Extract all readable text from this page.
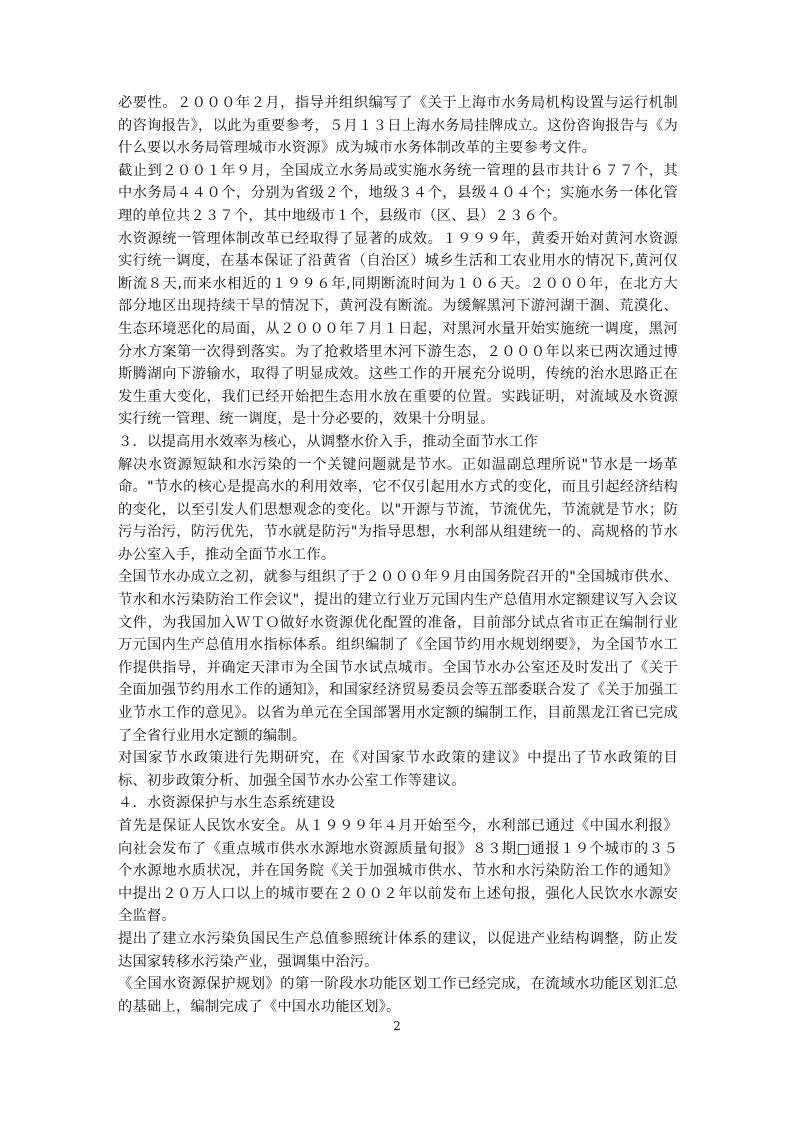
必要性。２０００年２月，指导并组织编写了《关于上海市水务局机构设置与运行机制的咨询报告》，以此为重要参考，５月１３日上海水务局挂牌成立。这份咨询报告与《为什么要以水务局管理城市水资源》成为城市水务体制改革的主要参考文件。

截止到２００１年９月，全国成立水务局或实施水务统一管理的县市共计６７７个，其中水务局４４０个，分别为省级２个，地级３４个，县级４０４个；实施水务一体化管理的单位共２３７个，其中地级市１个，县级市（区、县）２３６个。

水资源统一管理体制改革已经取得了显著的成效。１９９９年，黄委开始对黄河水资源实行统一调度，在基本保证了沿黄省（自治区）城乡生活和工农业用水的情况下,黄河仅断流８天,而来水相近的１９９６年,同期断流时间为１０６天。２０００年，在北方大部分地区出现持续干旱的情况下，黄河没有断流。为缓解黑河下游河湖干涸、荒漠化、生态环境恶化的局面，从２０００年７月１日起，对黑河水量开始实施统一调度，黑河分水方案第一次得到落实。为了抢救塔里木河下游生态，２０００年以来已两次通过博斯腾湖向下游输水，取得了明显成效。这些工作的开展充分说明，传统的治水思路正在发生重大变化，我们已经开始把生态用水放在重要的位置。实践证明，对流域及水资源实行统一管理、统一调度，是十分必要的，效果十分明显。

３．以提高用水效率为核心，从调整水价入手，推动全面节水工作

解决水资源短缺和水污染的一个关键问题就是节水。正如温副总理所说"节水是一场革命。"节水的核心是提高水的利用效率，它不仅引起用水方式的变化，而且引起经济结构的变化，以至引发人们思想观念的变化。以"开源与节流，节流优先，节流就是节水；防污与治污，防污优先，节水就是防污"为指导思想，水利部从组建统一的、高规格的节水办公室入手，推动全面节水工作。

全国节水办成立之初，就参与组织了于２０００年９月由国务院召开的"全国城市供水、节水和水污染防治工作会议"，提出的建立行业万元国内生产总值用水定额建议写入会议文件，为我国加入ＷＴＯ做好水资源优化配置的准备，目前部分试点省市正在编制行业万元国内生产总值用水指标体系。组织编制了《全国节约用水规划纲要》，为全国节水工作提供指导，并确定天津市为全国节水试点城市。全国节水办公室还及时发出了《关于全面加强节约用水工作的通知》，和国家经济贸易委员会等五部委联合发了《关于加强工业节水工作的意见》。以省为单元在全国部署用水定额的编制工作，目前黑龙江省已完成了全省行业用水定额的编制。

对国家节水政策进行先期研究，在《对国家节水政策的建议》中提出了节水政策的目标、初步政策分析、加强全国节水办公室工作等建议。

４．水资源保护与水生态系统建设

首先是保证人民饮水安全。从１９９９年４月开始至今，水利部已通过《中国水利报》向社会发布了《重点城市供水水源地水资源质量旬报》８３期□通报１９个城市的３５个水源地水质状况，并在国务院《关于加强城市供水、节水和水污染防治工作的通知》中提出２０万人口以上的城市要在２００２年以前发布上述旬报，强化人民饮水水源安全监督。

提出了建立水污染负国民生产总值参照统计体系的建议，以促进产业结构调整，防止发达国家转移水污染产业，强调集中治污。

《全国水资源保护规划》的第一阶段水功能区划工作已经完成，在流域水功能区划汇总的基础上，编制完成了《中国水功能区划》。

2
